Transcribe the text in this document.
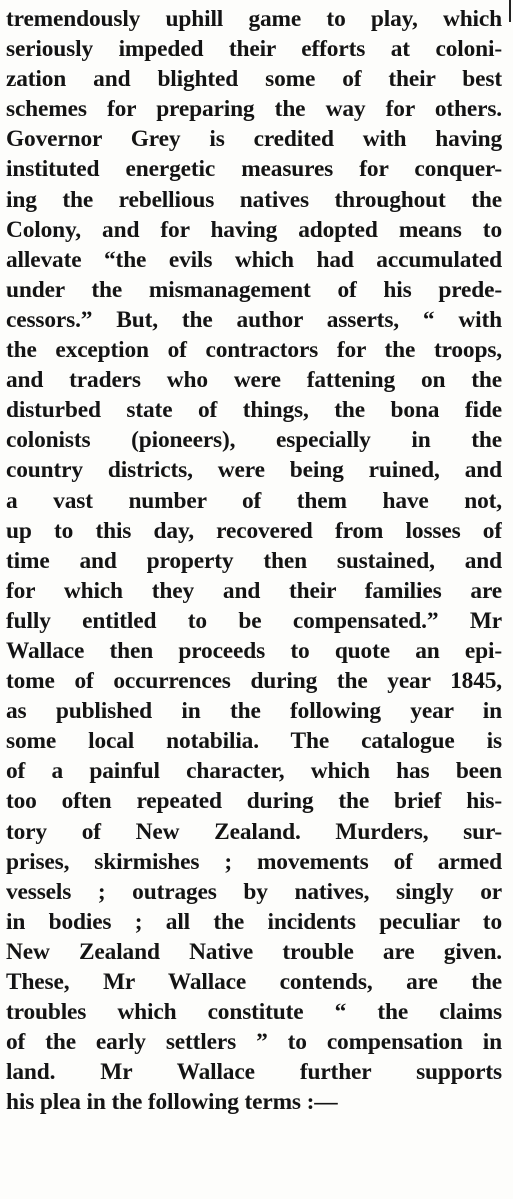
tremendously uphill game to play, which
seriously impeded their efforts at coloni-
zation and blighted some of their best
schemes for preparing the way for others.
Governor Grey is credited with having
instituted energetic measures for conquer-
ing the rebellious natives throughout the
Colony, and for having adopted means to
allevate “the evils which had accumulated
under the mismanagement of his prede-
cessors.” But, the author asserts, “ with
the exception of contractors for the troops,
and traders who were fattening on the
disturbed state of things, the bona fide
colonists (pioneers), especially in the
country districts, were being ruined, and
a vast number of them have not,
up to this day, recovered from losses of
time and property then sustained, and
for which they and their families are
fully entitled to be compensated.” Mr
Wallace then proceeds to quote an epi-
tome of occurrences during the year 1845,
as published in the following year in
some local notabilia. The catalogue is
of a painful character, which has been
too often repeated during the brief his-
tory of New Zealand. Murders, sur-
prises, skirmishes ; movements of armed
vessels ; outrages by natives, singly or
in bodies ; all the incidents peculiar to
New Zealand Native trouble are given.
These, Mr Wallace contends, are the
troubles which constitute “ the claims
of the early settlers ” to compensation in
land. Mr Wallace further supports
his plea in the following terms :—
